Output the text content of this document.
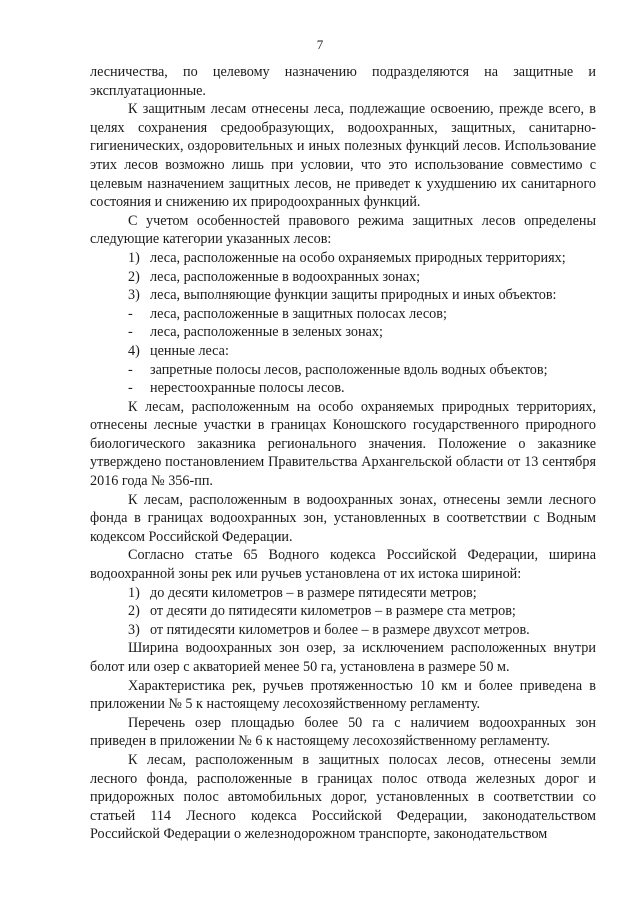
7

лесничества, по целевому назначению подразделяются на защитные и эксплуатационные.

К защитным лесам отнесены леса, подлежащие освоению, прежде всего, в целях сохранения средообразующих, водоохранных, защитных, санитарно-гигиенических, оздоровительных и иных полезных функций лесов. Использование этих лесов возможно лишь при условии, что это использование совместимо с целевым назначением защитных лесов, не приведет к ухудшению их санитарного состояния и снижению их природоохранных функций.

С учетом особенностей правового режима защитных лесов определены следующие категории указанных лесов:

1) леса, расположенные на особо охраняемых природных территориях;

2) леса, расположенные в водоохранных зонах;

3) леса, выполняющие функции защиты природных и иных объектов:

- леса, расположенные в защитных полосах лесов;

- леса, расположенные в зеленых зонах;

4) ценные леса:

- запретные полосы лесов, расположенные вдоль водных объектов;

- нерестоохранные полосы лесов.

К лесам, расположенным на особо охраняемых природных территориях, отнесены лесные участки в границах Коношского государственного природного биологического заказника регионального значения. Положение о заказнике утверждено постановлением Правительства Архангельской области от 13 сентября 2016 года № 356-пп.

К лесам, расположенным в водоохранных зонах, отнесены земли лесного фонда в границах водоохранных зон, установленных в соответствии с Водным кодексом Российской Федерации.

Согласно статье 65 Водного кодекса Российской Федерации, ширина водоохранной зоны рек или ручьев установлена от их истока шириной:

1) до десяти километров – в размере пятидесяти метров;

2) от десяти до пятидесяти километров – в размере ста метров;

3) от пятидесяти километров и более – в размере двухсот метров.

Ширина водоохранных зон озер, за исключением расположенных внутри болот или озер с акваторией менее 50 га, установлена в размере 50 м.

Характеристика рек, ручьев протяженностью 10 км и более приведена в приложении № 5 к настоящему лесохозяйственному регламенту.

Перечень озер площадью более 50 га с наличием водоохранных зон приведен в приложении № 6 к настоящему лесохозяйственному регламенту.

К лесам, расположенным в защитных полосах лесов, отнесены земли лесного фонда, расположенные в границах полос отвода железных дорог и придорожных полос автомобильных дорог, установленных в соответствии со статьей 114 Лесного кодекса Российской Федерации, законодательством Российской Федерации о железнодорожном транспорте, законодательством
